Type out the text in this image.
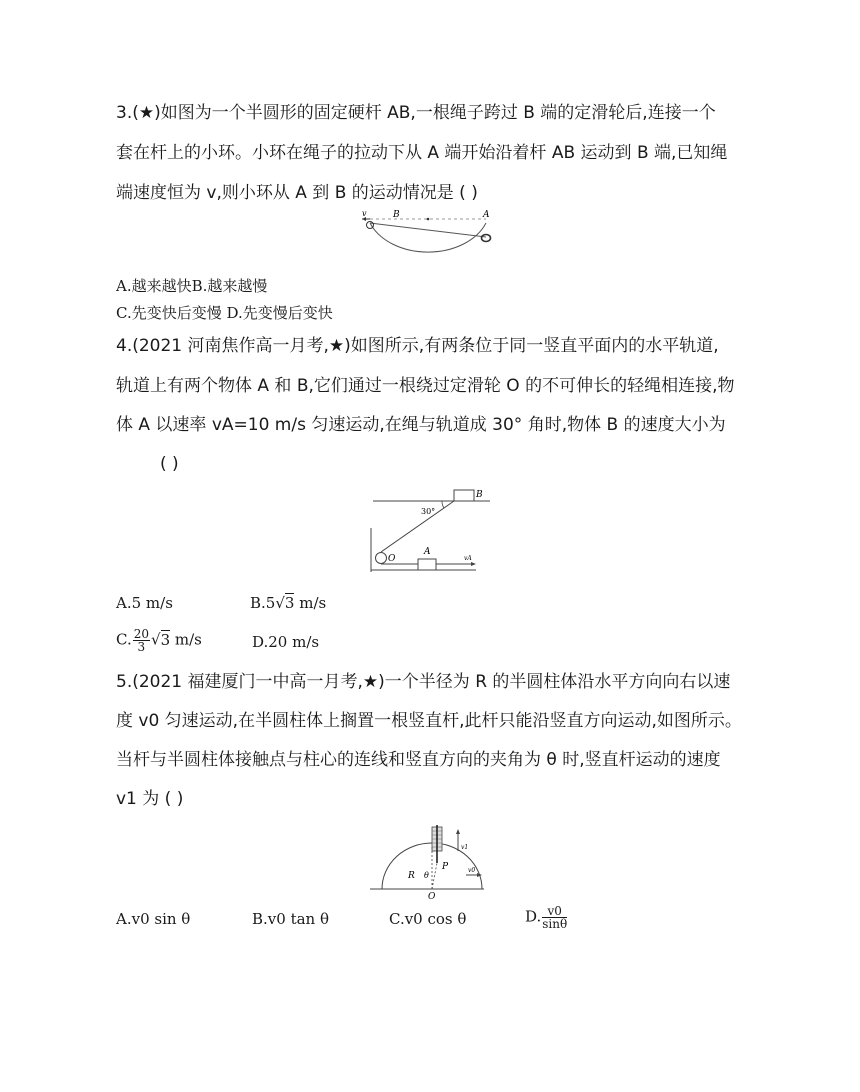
3.(★)如图为一个半圆形的固定硬杆 AB,一根绳子跨过 B 端的定滑轮后,连接一个
套在杆上的小环。小环在绳子的拉动下从 A 端开始沿着杆 AB 运动到 B 端,已知绳
端速度恒为 v,则小环从 A 到 B 的运动情况是 ( )
v	B	A
A.越来越快B.越来越慢
C.先变快后变慢 D.先变慢后变快
4.(2021 河南焦作高一月考,★)如图所示,有两条位于同一竖直平面内的水平轨道,
轨道上有两个物体 A 和 B,它们通过一根绕过定滑轮 O 的不可伸长的轻绳相连接,物
体 A 以速率 vA=10 m/s 匀速运动,在绳与轨道成 30° 角时,物体 B 的速度大小为
( )
30°
B
O
A
vA
A.5 m/s	B.5√3 m/s
C. $\frac{20}{3} √3$ m/s	D.20 m/s
5.(2021 福建厦门一中高一月考,★)一个半径为 R 的半圆柱体沿水平方向向右以速
度 v0 匀速运动,在半圆柱体上搁置一根竖直杆,此杆只能沿竖直方向运动,如图所示。
当杆与半圆柱体接触点与柱心的连线和竖直方向的夹角为 θ 时,竖直杆运动的速度
v1 为 ( )
v1
R θ
P	v0
O
A.v0 sin θ	B.v0 tan θ	C.v0 cos θ	D. $\frac{v0}{\sin\theta}$
